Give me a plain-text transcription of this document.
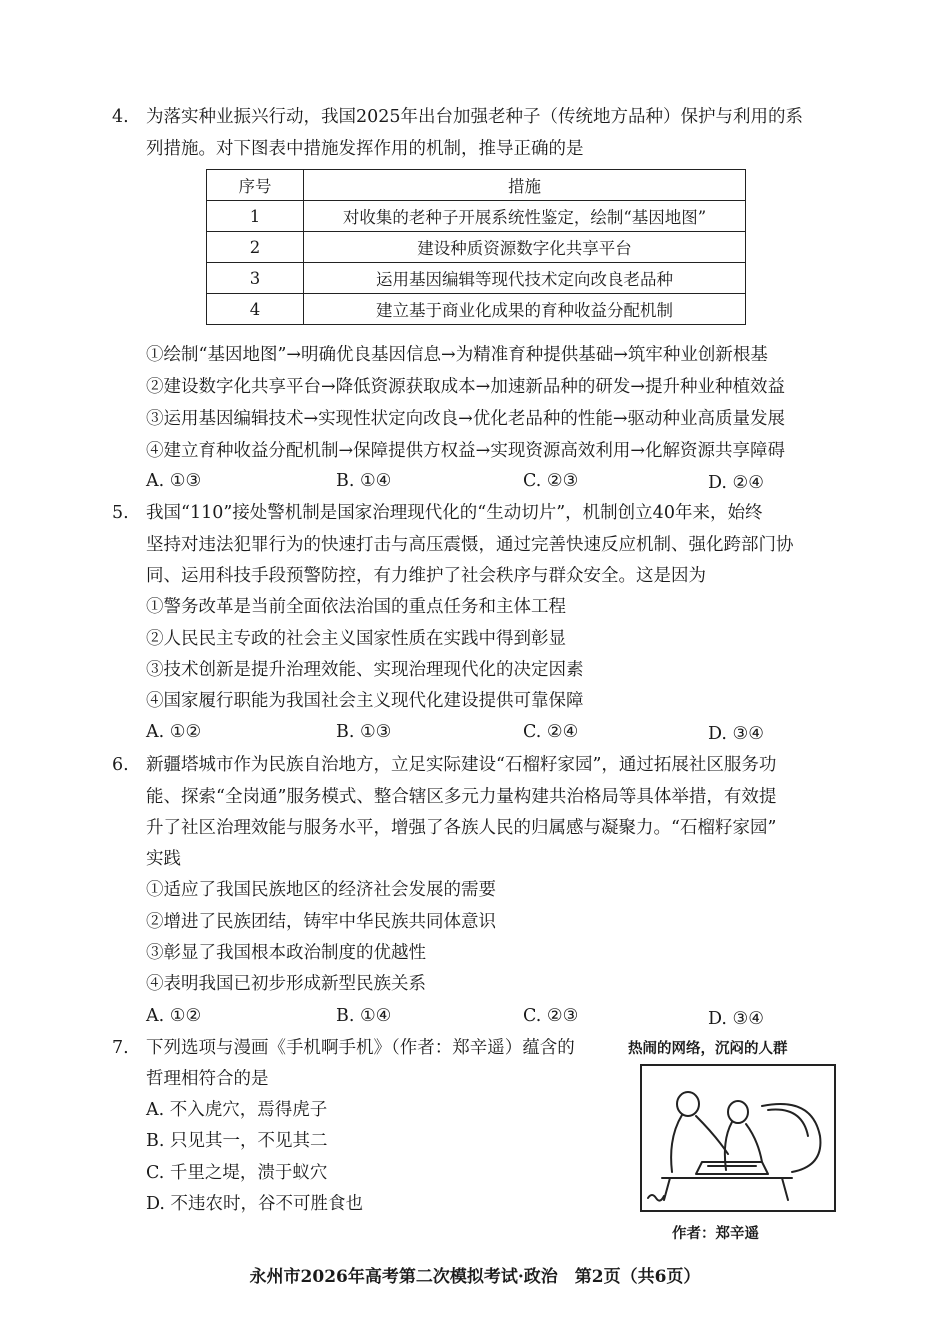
4. 为落实种业振兴行动，我国2025年出台加强老种子（传统地方品种）保护与利用的系
列措施。对下图表中措施发挥作用的机制，推导正确的是
序号	措施
1	对收集的老种子开展系统性鉴定，绘制“基因地图”
2	建设种质资源数字化共享平台
3	运用基因编辑等现代技术定向改良老品种
4	建立基于商业化成果的育种收益分配机制
①绘制“基因地图”→明确优良基因信息→为精准育种提供基础→筑牢种业创新根基
②建设数字化共享平台→降低资源获取成本→加速新品种的研发→提升种业种植效益
③运用基因编辑技术→实现性状定向改良→优化老品种的性能→驱动种业高质量发展
④建立育种收益分配机制→保障提供方权益→实现资源高效利用→化解资源共享障碍
A. ①③	B. ①④	C. ②③	D. ②④
5. 我国“110”接处警机制是国家治理现代化的“生动切片”，机制创立40年来，始终
坚持对违法犯罪行为的快速打击与高压震慑，通过完善快速反应机制、强化跨部门协
同、运用科技手段预警防控，有力维护了社会秩序与群众安全。这是因为
①警务改革是当前全面依法治国的重点任务和主体工程
②人民民主专政的社会主义国家性质在实践中得到彰显
③技术创新是提升治理效能、实现治理现代化的决定因素
④国家履行职能为我国社会主义现代化建设提供可靠保障
A. ①②	B. ①③	C. ②④	D. ③④
6. 新疆塔城市作为民族自治地方，立足实际建设“石榴籽家园”，通过拓展社区服务功
能、探索“全岗通”服务模式、整合辖区多元力量构建共治格局等具体举措，有效提
升了社区治理效能与服务水平，增强了各族人民的归属感与凝聚力。“石榴籽家园”
实践
①适应了我国民族地区的经济社会发展的需要
②增进了民族团结，铸牢中华民族共同体意识
③彰显了我国根本政治制度的优越性
④表明我国已初步形成新型民族关系
A. ①②	B. ①④	C. ②③	D. ③④
7. 下列选项与漫画《手机啊手机》（作者：郑辛遥）蕴含的
哲理相符合的是
A. 不入虎穴，焉得虎子
B. 只见其一，不见其二
C. 千里之堤，溃于蚁穴
D. 不违农时，谷不可胜食也
热闹的网络，沉闷的人群
作者：郑辛遥
永州市2026年高考第二次模拟考试·政治　第2页（共6页）
